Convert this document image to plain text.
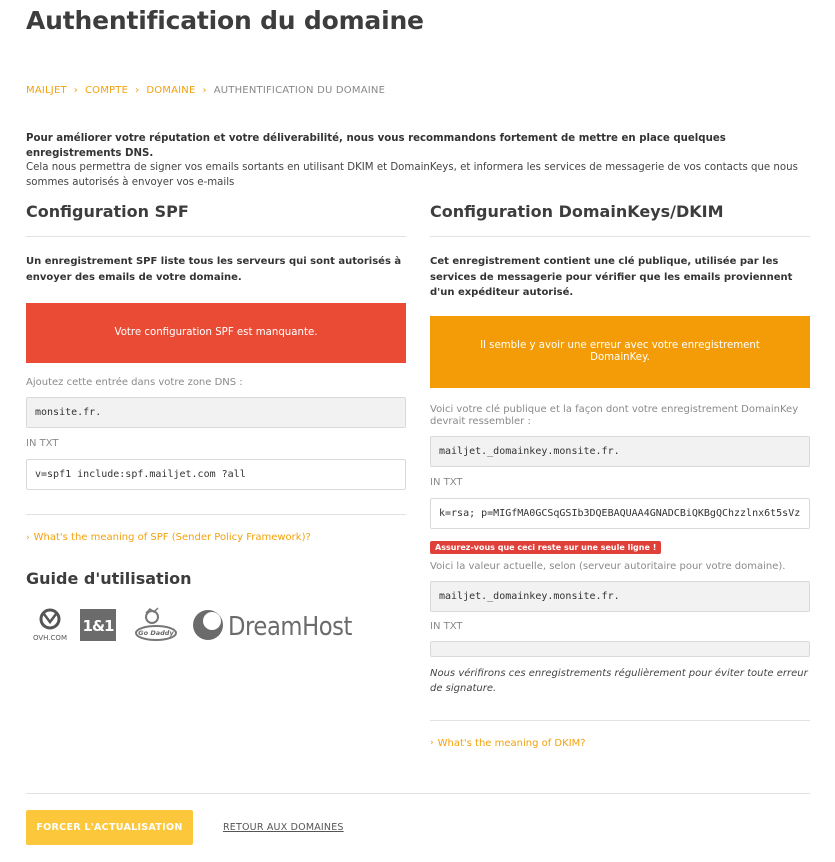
Authentification du domaine
MAILJET › COMPTE › DOMAINE › AUTHENTIFICATION DU DOMAINE
Pour améliorer votre réputation et votre déliverabilité, nous vous recommandons fortement de mettre en place quelques enregistrements DNS.
Cela nous permettra de signer vos emails sortants en utilisant DKIM et DomainKeys, et informera les services de messagerie de vos contacts que nous sommes autorisés à envoyer vos e-mails
Configuration SPF

Un enregistrement SPF liste tous les serveurs qui sont autorisés à envoyer des emails de votre domaine.

Votre configuration SPF est manquante.
Ajoutez cette entrée dans votre zone DNS :
monsite.fr.
IN TXT
v=spf1 include:spf.mailjet.com ?all
› What's the meaning of SPF (Sender Policy Framework)?
Guide d'utilisation
OVH.COM
1&1	Go Daddy DreamHost
Configuration DomainKeys/DKIM

Cet enregistrement contient une clé publique, utilisée par les services de messagerie pour vérifier que les emails proviennent d'un expéditeur autorisé.

Il semble y avoir une erreur avec votre enregistrement DomainKey.
Voici votre clé publique et la façon dont votre enregistrement DomainKey devrait ressembler :
mailjet._domainkey.monsite.fr.
IN TXT
k=rsa; p=MIGfMA0GCSqGSIb3DQEBAQUAA4GNADCBiQKBgQChzzlnx6t5sVz
Assurez-vous que ceci reste sur une seule ligne !
Voici la valeur actuelle, selon (serveur autoritaire pour votre domaine).
mailjet._domainkey.monsite.fr.
IN TXT

Nous vérifirons ces enregistrements régulièrement pour éviter toute erreur de signature.

› What's the meaning of DKIM?
FORCER L'ACTUALISATION	RETOUR AUX DOMAINES
